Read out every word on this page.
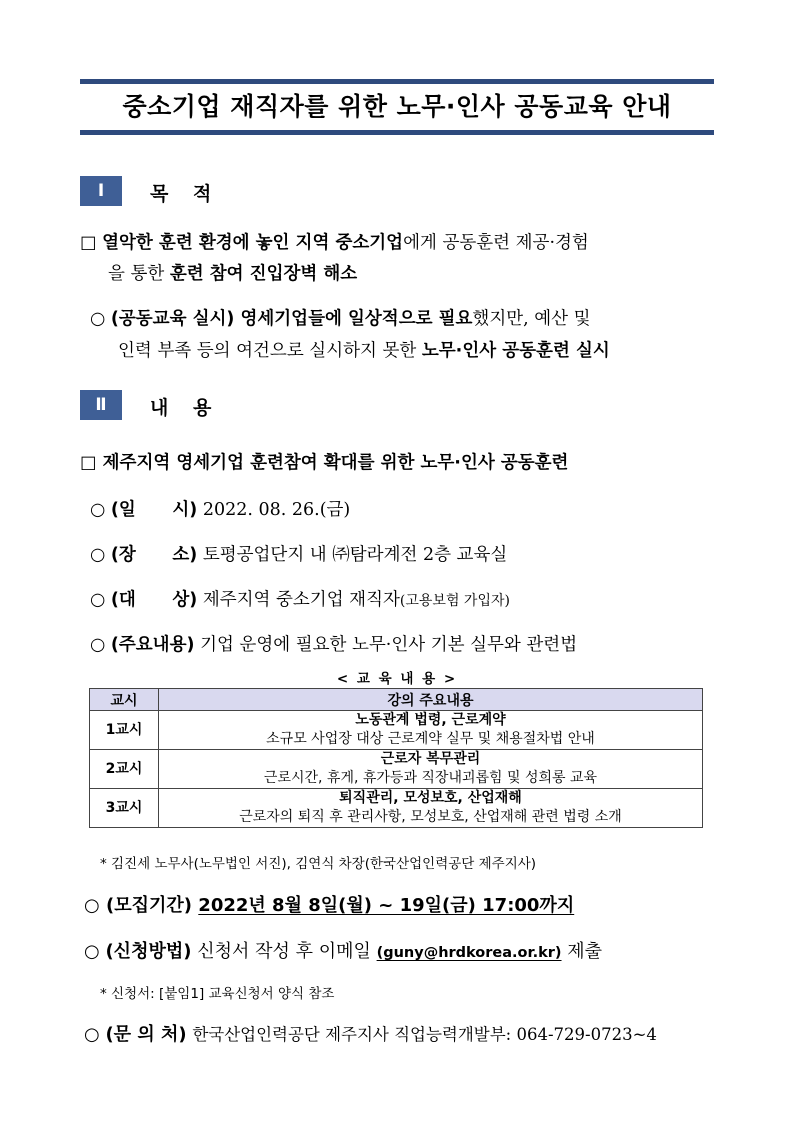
중소기업 재직자를 위한 노무·인사 공동교육 안내
Ⅰ	목 적
□ 열악한 훈련 환경에 놓인 지역 중소기업에게 공동훈련 제공·경험
을 통한 훈련 참여 진입장벽 해소
○ (공동교육 실시) 영세기업들에 일상적으로 필요했지만, 예산 및
인력 부족 등의 여건으로 실시하지 못한 노무·인사 공동훈련 실시
Ⅱ	내 용
□ 제주지역 영세기업 훈련참여 확대를 위한 노무·인사 공동훈련
○ (일      시) 2022. 08. 26.(금)
○ (장      소) 토평공업단지 내 ㈜탐라계전 2층 교육실
○ (대      상) 제주지역 중소기업 재직자(고용보험 가입자)
○ (주요내용) 기업 운영에 필요한 노무·인사 기본 실무와 관련법
< 교 육 내 용 >
교시	강의 주요내용
1교시	노동관계 법령, 근로계약
소규모 사업장 대상 근로계약 실무 및 채용절차법 안내

2교시	근로자 복무관리
근로시간, 휴게, 휴가등과 직장내괴롭힘 및 성희롱 교육

3교시	퇴직관리, 모성보호, 산업재해
근로자의 퇴직 후 관리사항, 모성보호, 산업재해 관련 법령 소개
* 김진세 노무사(노무법인 서진), 김연식 차장(한국산업인력공단 제주지사)
○ (모집기간) 2022년 8월 8일(월) ~ 19일(금) 17:00까지
○ (신청방법) 신청서 작성 후 이메일 (guny@hrdkorea.or.kr) 제출
* 신청서: [붙임1] 교육신청서 양식 참조
○ (문 의 처) 한국산업인력공단 제주지사 직업능력개발부: 064-729-0723~4
